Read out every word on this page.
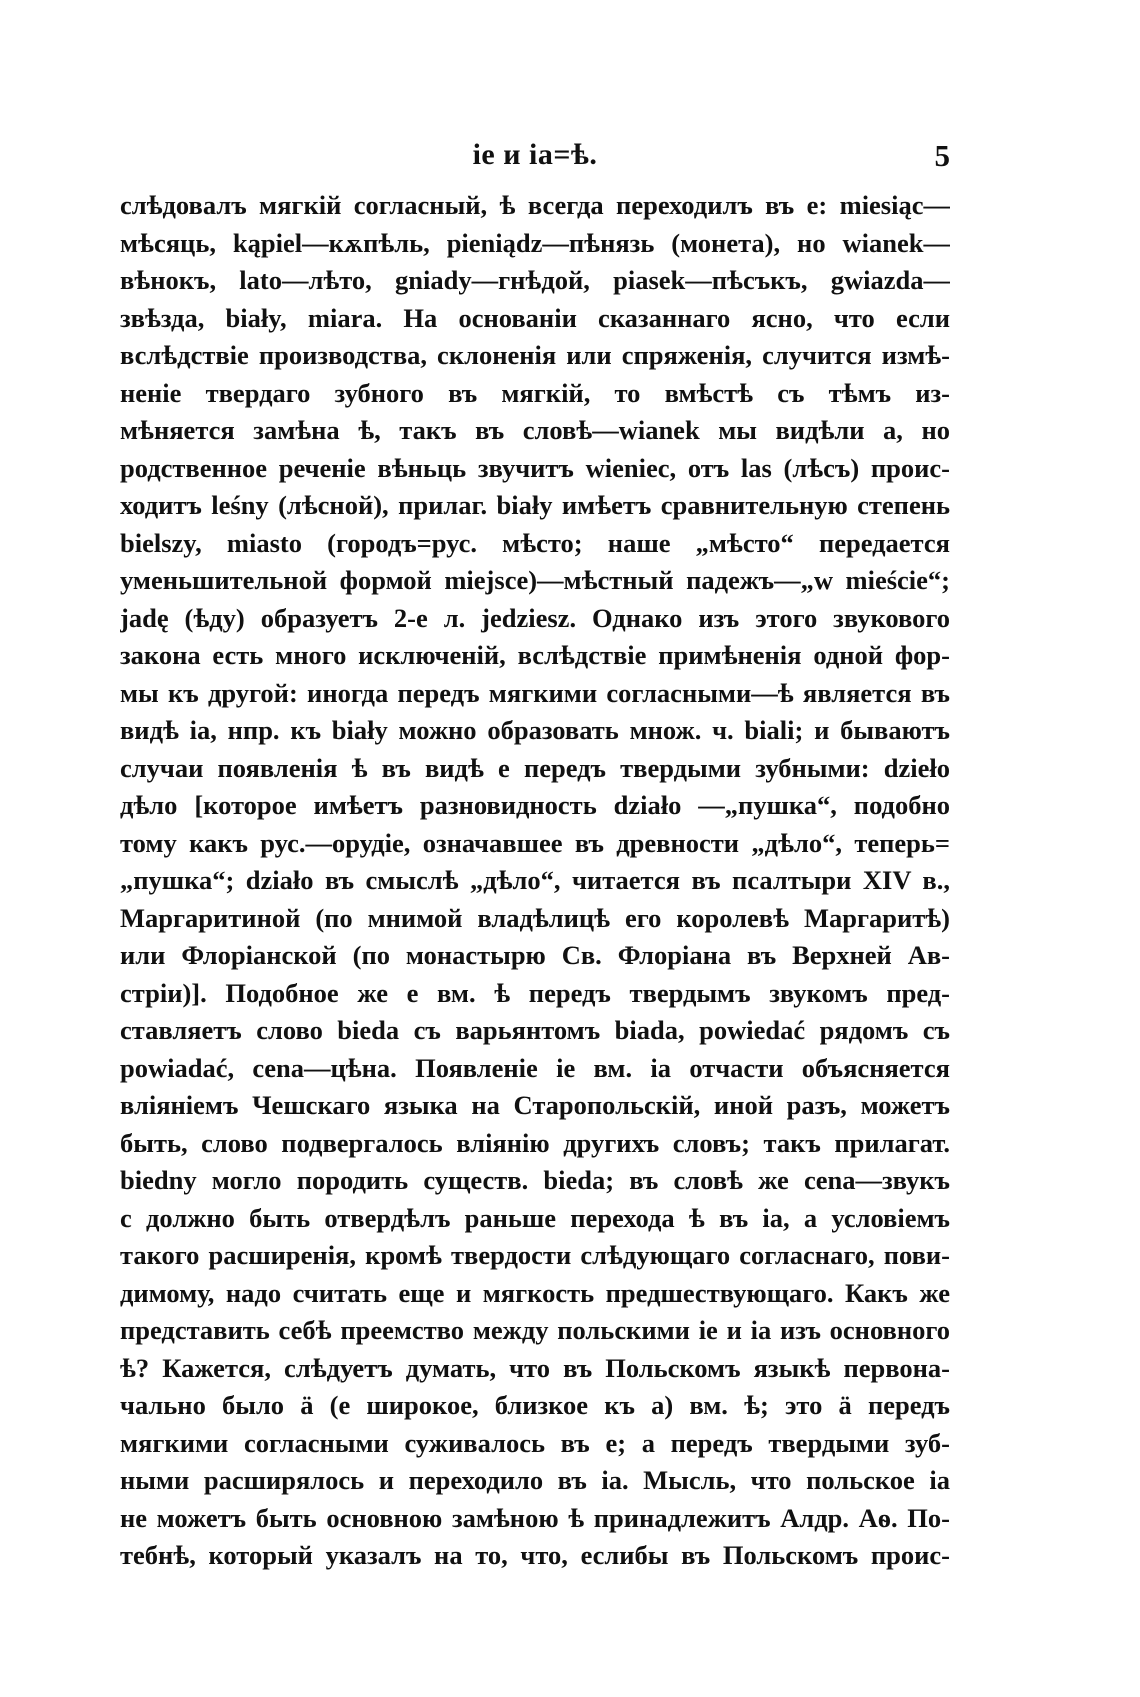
ie и ia=ѣ.	5
слѣдовалъ мягкій согласный, ѣ всегда переходилъ въ е: miesiąc—
мѣсяць, kąpiel—кѫпѣль, pieniądz—пѣнязь (монета), но wianek—
вѣнокъ, lato—лѣто, gniady—гнѣдой, piasek—пѣсъкъ, gwiazda—
звѣзда, biały, miara. На основаніи сказаннаго ясно, что если
вслѣдствіе производства, склоненія или спряженія, случится измѣ-
неніе твердаго зубного въ мягкій, то вмѣстѣ съ тѣмъ из-
мѣняется замѣна ѣ, такъ въ словѣ—wianek мы видѣли a, но
родственное реченіе вѣньць звучитъ wieniec, отъ las (лѣсъ) проис-
ходитъ leśny (лѣсной), прилаг. biały имѣетъ сравнительную степень
bielszy, miasto (городъ=рус. мѣсто; наше „мѣсто“ передается
уменьшительной формой miejsce)—мѣстный падежъ—„w mieście“;
jadę (ѣду) образуетъ 2-е л. jedziesz. Однако изъ этого звукового
закона есть много исключеній, вслѣдствіе примѣненія одной фор-
мы къ другой: иногда передъ мягкими согласными—ѣ является въ
видѣ ia, нпр. къ biały можно образовать множ. ч. biali; и бываютъ
случаи появленія ѣ въ видѣ е передъ твердыми зубными: dzieło
дѣло [которое имѣетъ разновидность działo —„пушка“, подобно
тому какъ рус.—орудіе, означавшее въ древности „дѣло“, теперь=
„пушка“; działo въ смыслѣ „дѣло“, читается въ псалтыри XIV в.,
Маргаритиной (по мнимой владѣлицѣ его королевѣ Маргаритѣ)
или Флоріанской (по монастырю Св. Флоріана въ Верхней Ав-
стріи)]. Подобное же е вм. ѣ передъ твердымъ звукомъ пред-
ставляетъ слово bieda съ варьянтомъ biada, powiedać рядомъ съ
powiadać, cena—цѣна. Появленіе ie вм. ia отчасти объясняется
вліяніемъ Чешскаго языка на Старопольскій, иной разъ, можетъ
быть, слово подвергалось вліянію другихъ словъ; такъ прилагат.
biedny могло породить существ. bieda; въ словѣ же cena—звукъ
c должно быть отвердѣлъ раньше перехода ѣ въ ia, а условіемъ
такого расширенія, кромѣ твердости слѣдующаго согласнаго, пови-
димому, надо считать еще и мягкость предшествующаго. Какъ же
представить себѣ преемство между польскими ie и ia изъ основного
ѣ? Кажется, слѣдуетъ думать, что въ Польскомъ языкѣ первона-
чально было ä (е широкое, близкое къ a) вм. ѣ; это ä передъ
мягкими согласными суживалось въ е; а передъ твердыми зуб-
ными расширялось и переходило въ ia. Мысль, что польское ia
не можетъ быть основною замѣною ѣ принадлежитъ Алдр. Аѳ. По-
тебнѣ, который указалъ на то, что, еслибы въ Польскомъ проис-
